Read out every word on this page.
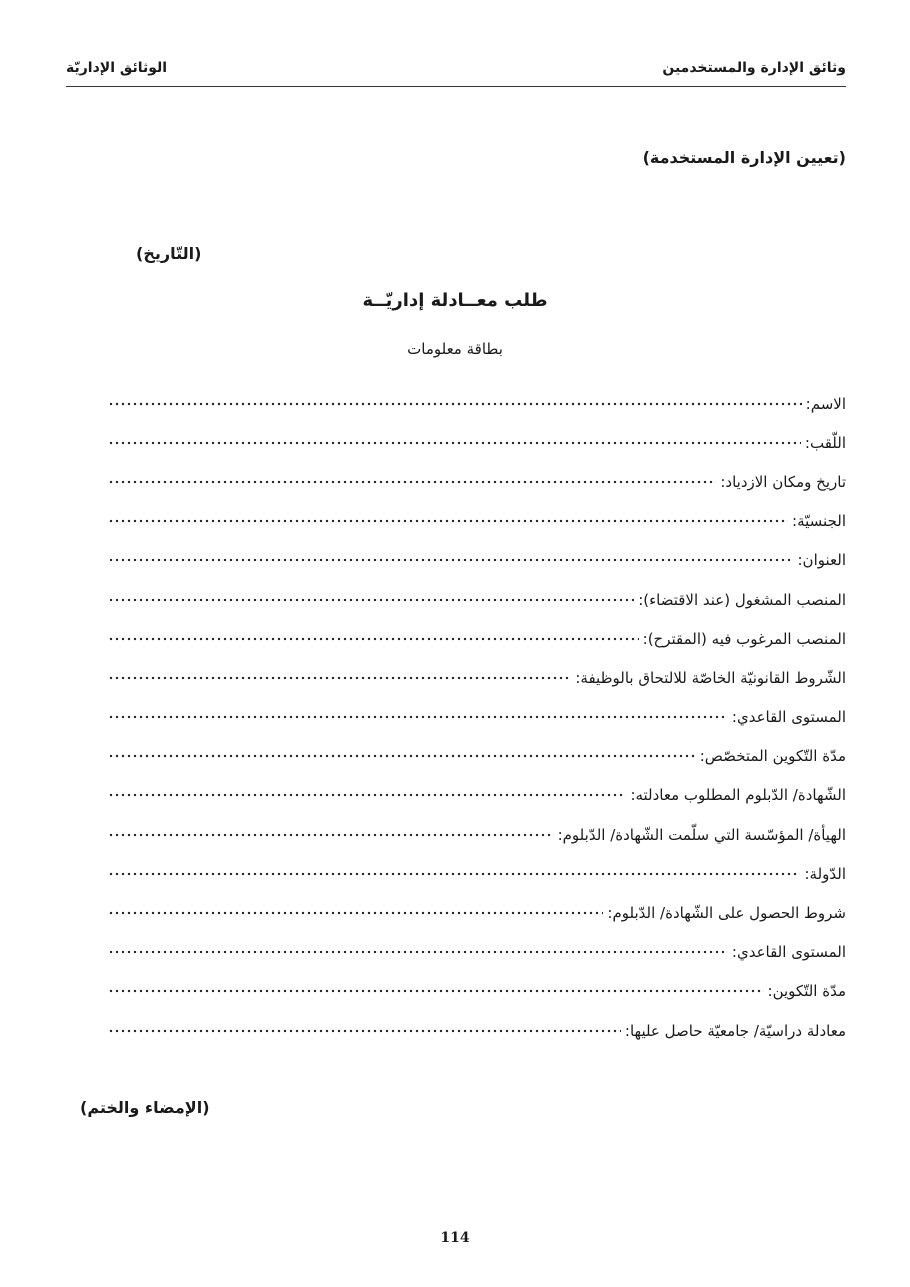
وثائق الإدارة والمستخدمين
الوثائق الإداريّة
(تعيين الإدارة المستخدمة)
(التّاريخ)
طلب معــادلة إداريّــة
بطاقة معلومات
الاسم:
اللّقب:
تاريخ ومكان الازدياد:
الجنسيّة:
العنوان:
المنصب المشغول (عند الاقتضاء):
المنصب المرغوب فيه (المقترح):
الشّروط القانونيّة الخاصّة للالتحاق بالوظيفة:
المستوى القاعدي:
مدّة التّكوين المتخصّص:
الشّهادة/ الدّبلوم المطلوب معادلته:
الهيأة/ المؤسّسة التي سلّمت الشّهادة/ الدّبلوم:
الدّولة:
شروط الحصول على الشّهادة/ الدّبلوم:
المستوى القاعدي:
مدّة التّكوين:
معادلة دراسيّة/ جامعيّة حاصل عليها:
(الإمضاء والختم)
114
